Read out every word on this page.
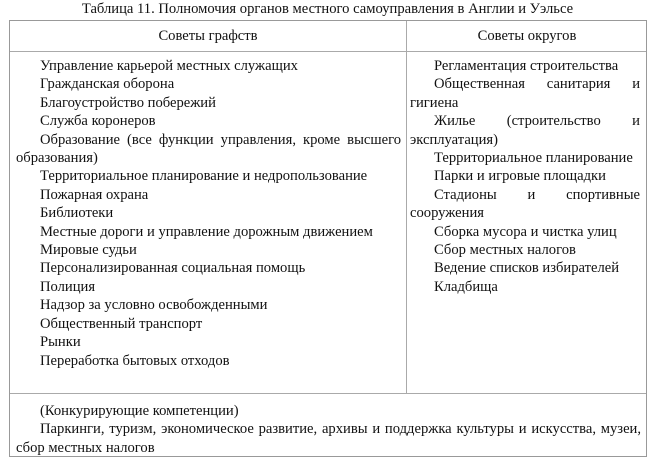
Таблица 11. Полномочия органов местного самоуправления в Англии и Уэльсе
Советы графств	Советы округов

Управление карьерой местных служащих

Гражданская оборона

Благоустройство побережий

Служба коронеров

Образование (все функции управления, кроме высшего образования)

Территориальное планирование и недропользование

Пожарная охрана

Библиотеки

Местные дороги и управление дорожным движением

Мировые судьи

Персонализированная социальная помощь

Полиция

Надзор за условно освобожденными

Общественный транспорт

Рынки

Переработка бытовых отходов

Регламентация строительства

Общественная санитария и гигиена

Жилье (строительство и эксплуатация)

Территориальное планирование

Парки и игровые площадки

Стадионы и спортивные сооружения

Сборка мусора и чистка улиц

Сбор местных налогов

Ведение списков избирателей

Кладбища

(Конкурирующие компетенции)

Паркинги, туризм, экономическое развитие, архивы и поддержка культуры и искусства, музеи, сбор местных налогов
